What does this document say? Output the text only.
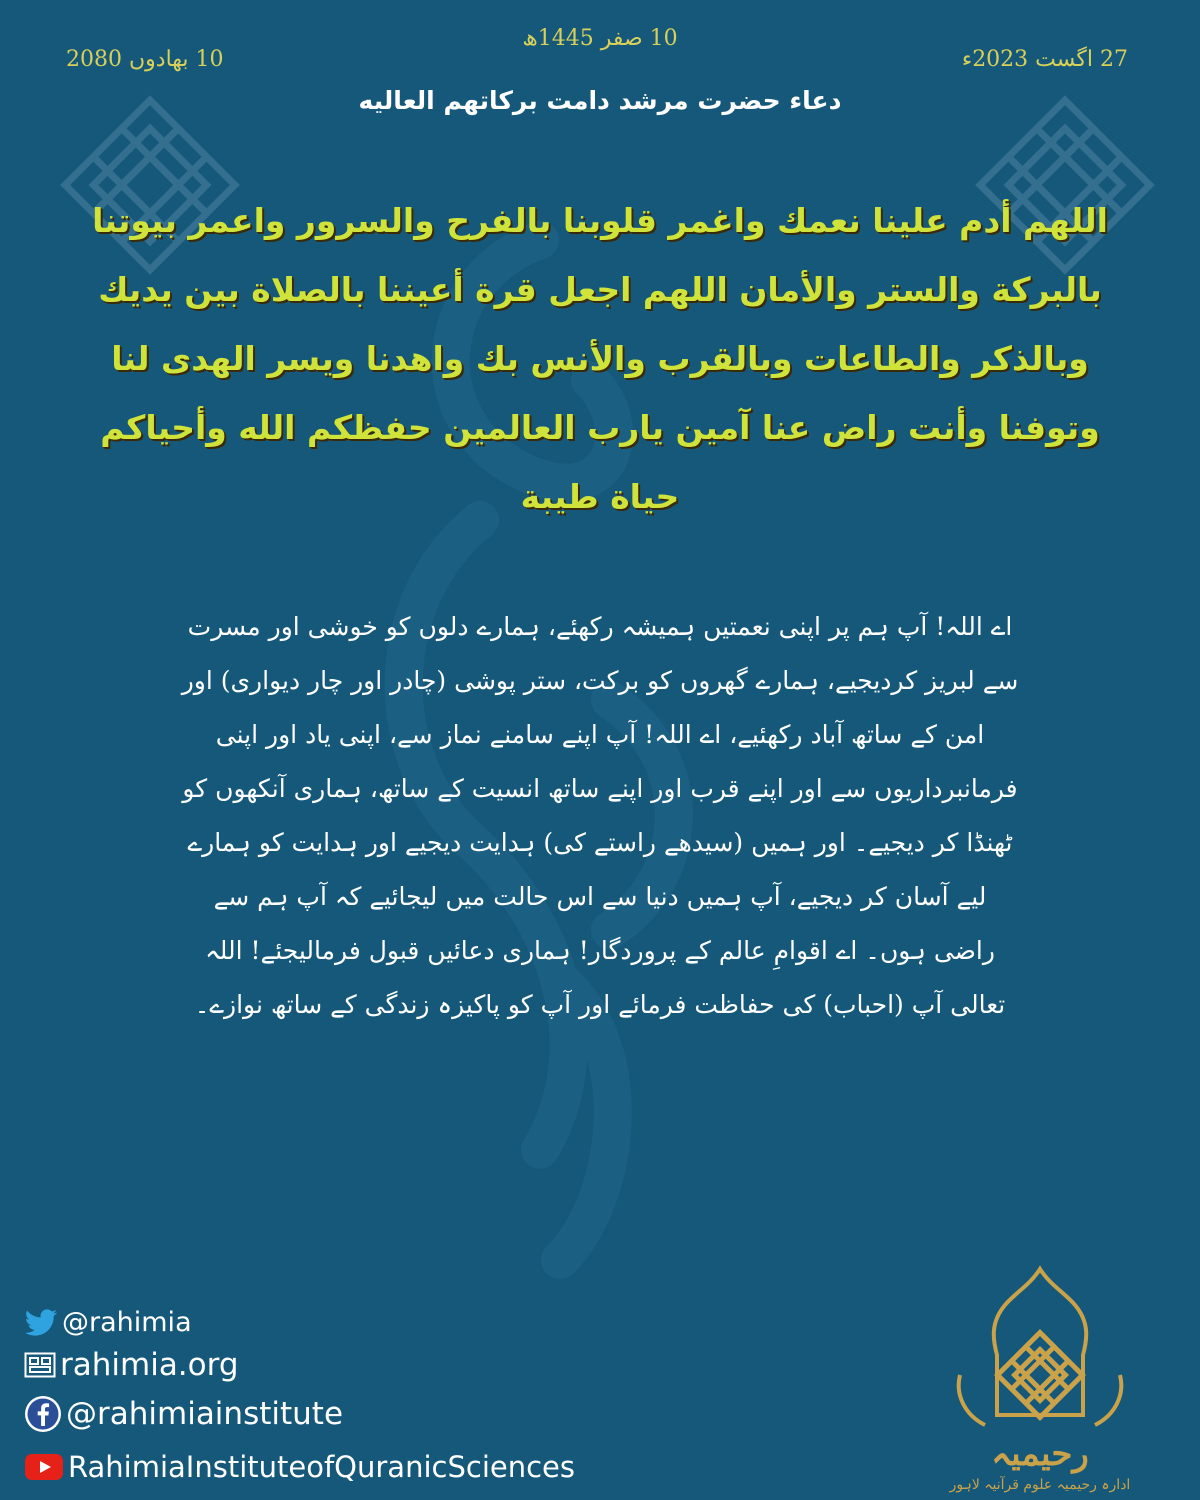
27 اگست 2023ء
10 صفر 1445ھ
10 بھادوں 2080
دعاء حضرت مرشد دامت برکاتھم العالیه
اللهم أدم علينا نعمك واغمر قلوبنا بالفرح والسرور واعمر بيوتنا بالبركة والستر والأمان اللهم اجعل قرة أعيننا بالصلاة بين يديك وبالذكر والطاعات وبالقرب والأنس بك واهدنا ويسر الهدى لنا وتوفنا وأنت راض عنا آمين يارب العالمين حفظكم الله وأحياكم حياة طيبة
اے اللہ! آپ ہم پر اپنی نعمتیں ہمیشہ رکھئے، ہمارے دلوں کو خوشی اور مسرت سے لبریز کردیجیے، ہمارے گھروں کو برکت، ستر پوشی (چادر اور چار دیواری) اور امن کے ساتھ آباد رکھئیے، اے اللہ! آپ اپنے سامنے نماز سے، اپنی یاد اور اپنی فرمانبرداریوں سے اور اپنے قرب اور اپنے ساتھ انسیت کے ساتھ، ہماری آنکھوں کو ٹھنڈا کر دیجیے۔ اور ہمیں (سیدھے راستے کی) ہدایت دیجیے اور ہدایت کو ہمارے لیے آسان کر دیجیے، آپ ہمیں دنیا سے اس حالت میں لیجائیے کہ آپ ہم سے راضی ہوں۔ اے اقوامِ عالم کے پروردگار! ہماری دعائیں قبول فرمالیجئے! اللہ تعالی آپ (احباب) کی حفاظت فرمائے اور آپ کو پاکیزہ زندگی کے ساتھ نوازے۔
@rahimia
rahimia.org
@rahimiainstitute
RahimiaInstituteofQuranicSciences	رحیمیہ
ادارہ رحیمیہ علوم قرآنیہ لاہور
